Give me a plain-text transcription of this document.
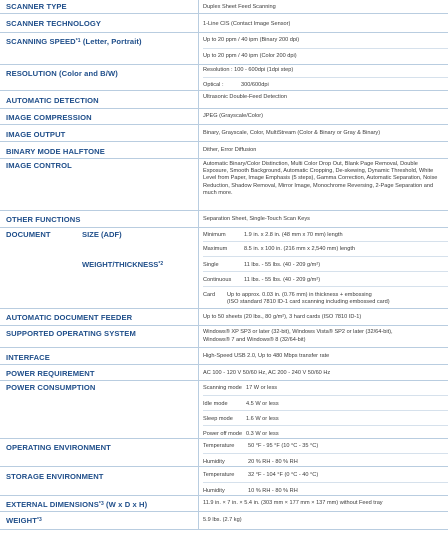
SCANNER TYPE	Duplex Sheet Feed Scanning
SCANNER TECHNOLOGY	1-Line CIS (Contact Image Sensor)
SCANNING SPEED$^{*1}$ (Letter, Portrait)	Up to 20 ppm / 40 ipm (Binary 200 dpi)
Up to 20 ppm / 40 ipm (Color 200 dpi)
RESOLUTION (Color and B/W)	Resolution : 100 - 600dpi (1dpi step)
Optical :	300/600dpi
AUTOMATIC DETECTION	Ultrasonic Double-Feed Detection
IMAGE COMPRESSION	JPEG (Grayscale/Color)
IMAGE OUTPUT	Binary, Grayscale, Color, MultiStream (Color & Binary or Gray & Binary)
BINARY MODE HALFTONE	Dither, Error Diffusion
IMAGE CONTROL	Automatic Binary/Color Distinction, Multi Color Drop Out, Blank Page Removal, Double Exposure, Smooth Background, Automatic Cropping, De-skewing, Dynamic Threshold, White Level from Paper, Image Emphasis (5 steps), Gamma Correction, Automatic Separation, Noise Reduction, Shadow Removal, Mirror Image, Monochrome Reversing, 2-Page Separation and much more.
OTHER FUNCTIONS	Separation Sheet, Single-Touch Scan Keys
DOCUMENT	SIZE (ADF)	Minimum	1.9 in. x 2.8 in. (48 mm x 70 mm) length
Maximum	8.5 in. x 100 in. (216 mm x 2,540 mm) length
WEIGHT/THICKNESS$^{*2}$	Single	11 lbs. - 55 lbs. (40 - 209 g/m²)
Continuous 11 lbs. - 55 lbs. (40 - 209 g/m²)
Card Up to approx. 0.03 in. (0.76 mm) in thickness + embossing
(ISO standard 7810 ID-1 card scanning including embossed card)
AUTOMATIC DOCUMENT FEEDER	Up to 50 sheets (20 lbs., 80 g/m²), 3 hard cards (ISO 7810 ID-1)
SUPPORTED OPERATING SYSTEM	Windows® XP SP3 or later (32-bit), Windows Vista® SP2 or later (32/64-bit),
Windows® 7 and Windows® 8 (32/64-bit)
INTERFACE	High-Speed USB 2.0, Up to 480 Mbps transfer rate
POWER REQUIREMENT	AC 100 - 120 V 50/60 Hz, AC 200 - 240 V 50/60 Hz
POWER CONSUMPTION	Scanning mode 17 W or less
Idle mode	4.5 W or less
Sleep mode 1.6 W or less
Power off mode 0.3 W or less
OPERATING ENVIRONMENT	Temperature 50 °F - 95 °F (10 °C - 35 °C)
Humidity	20 % RH - 80 % RH
STORAGE ENVIRONMENT	Temperature 32 °F - 104 °F (0 °C - 40 °C)
Humidity	10 % RH - 80 % RH
EXTERNAL DIMENSIONS$^{*3}$ (W x D x H)	11.9 in. × 7 in. × 5.4 in. (303 mm × 177 mm × 137 mm) without Feed tray
WEIGHT$^{*3}$	5.9 lbs. (2.7 kg)
